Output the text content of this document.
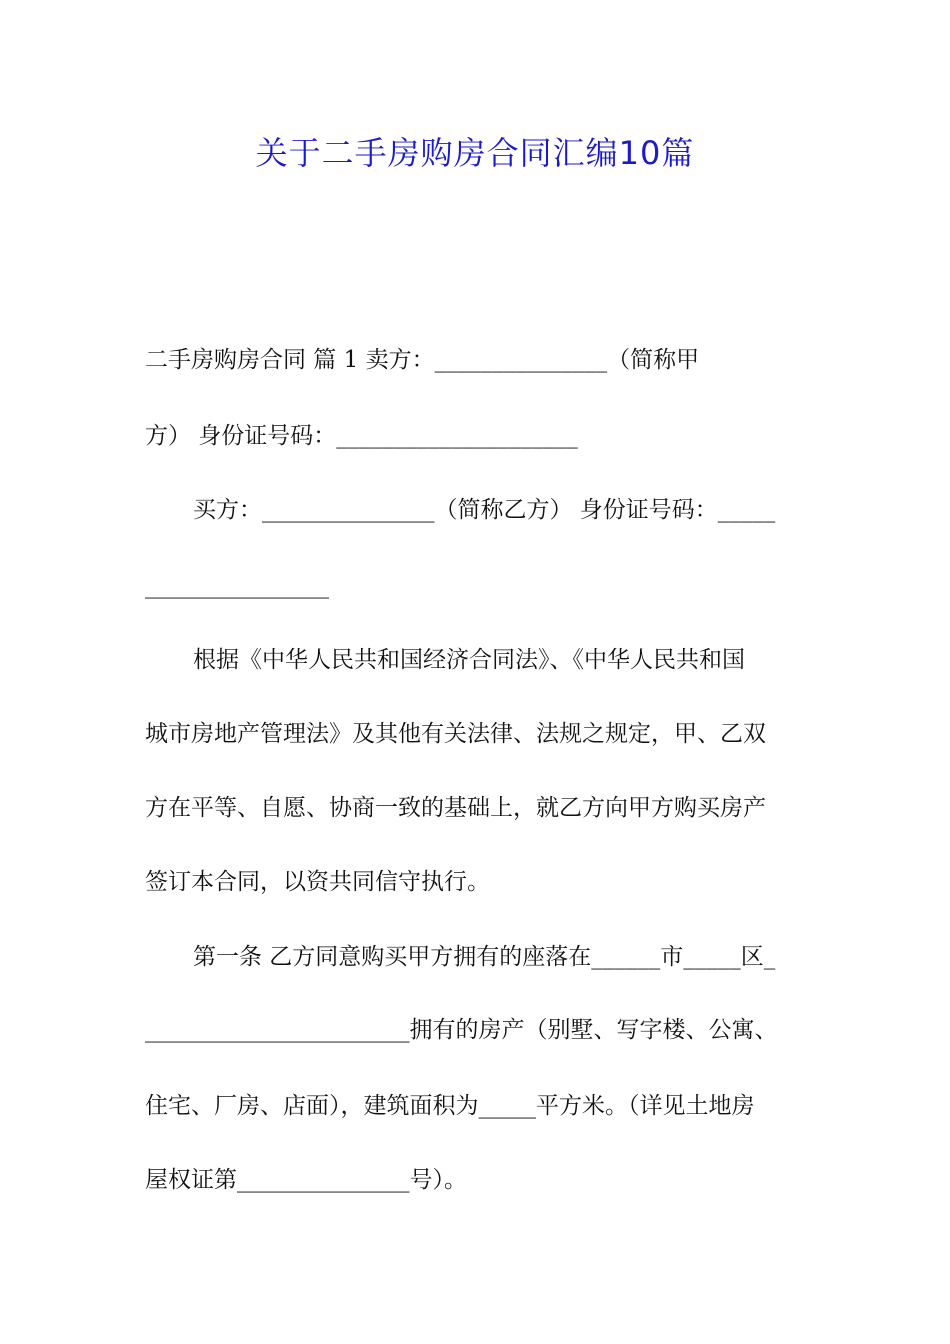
关于二手房购房合同汇编10篇
二手房购房合同 篇 1 卖方：_______________（简称甲
方） 身份证号码：_____________________
买方：_______________（简称乙方） 身份证号码：_____
________________
根据《中华人民共和国经济合同法》、《中华人民共和国
城市房地产管理法》及其他有关法律、法规之规定，甲、乙双
方在平等、自愿、协商一致的基础上，就乙方向甲方购买房产
签订本合同，以资共同信守执行。
第一条 乙方同意购买甲方拥有的座落在______市_____区_
_______________________拥有的房产（别墅、写字楼、公寓、
住宅、厂房、店面），建筑面积为_____平方米。（详见土地房
屋权证第_______________号）。
